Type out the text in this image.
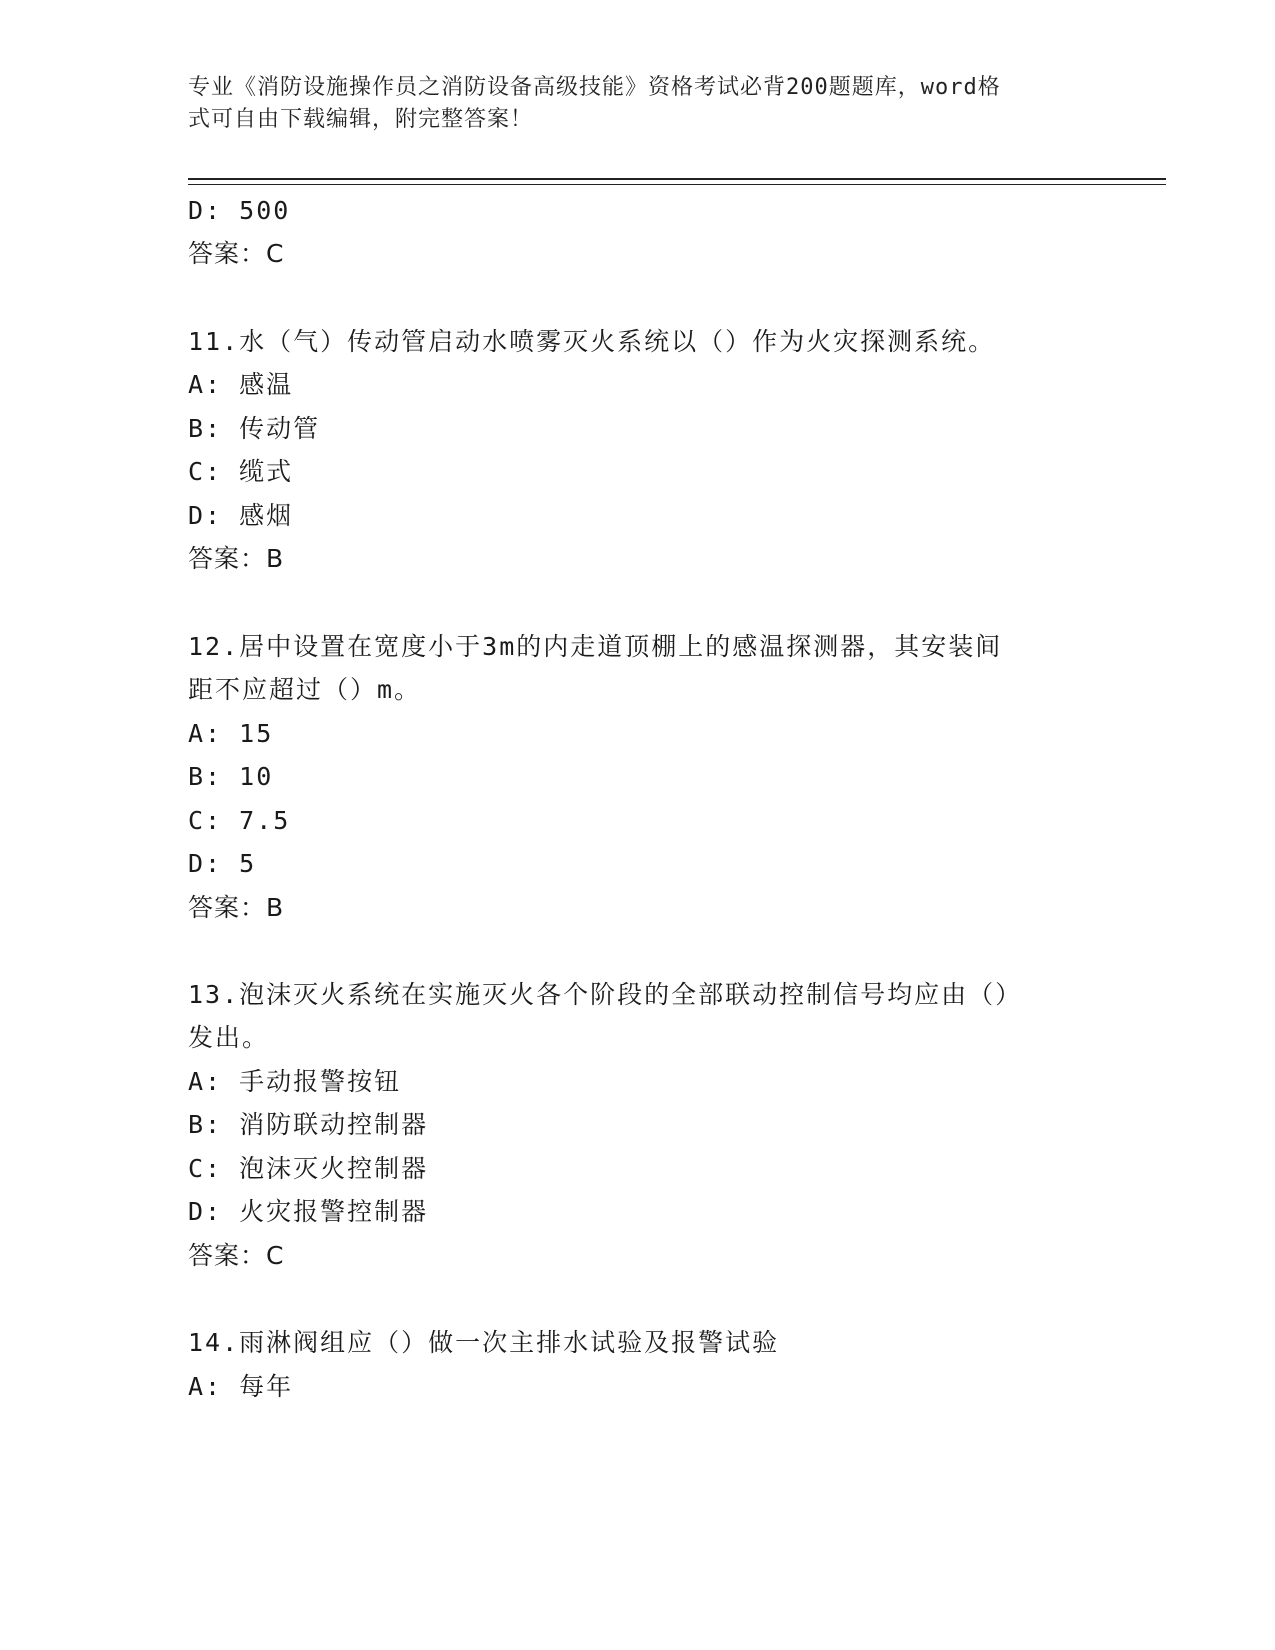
专业《消防设施操作员之消防设备高级技能》资格考试必背200题题库，word格
式可自由下载编辑，附完整答案！
D: 500
答案：C
11.水（气）传动管启动水喷雾灭火系统以（）作为火灾探测系统。
A: 感温
B: 传动管
C: 缆式
D: 感烟
答案：B
12.居中设置在宽度小于3m的内走道顶棚上的感温探测器，其安装间
距不应超过（）m。
A: 15
B: 10
C: 7.5
D: 5
答案：B
13.泡沫灭火系统在实施灭火各个阶段的全部联动控制信号均应由（）
发出。
A: 手动报警按钮
B: 消防联动控制器
C: 泡沫灭火控制器
D: 火灾报警控制器
答案：C
14.雨淋阀组应（）做一次主排水试验及报警试验
A: 每年
